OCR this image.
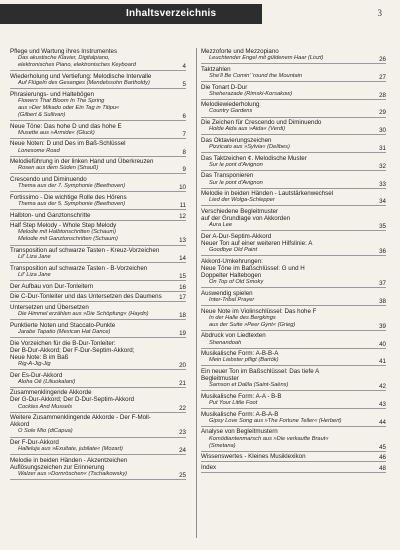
Inhaltsverzeichnis	3
Pflege und Wartung ihres Instrumentes
Das akustische Klavier, Digitalpiano,
elektronisches Piano, elektronisches Keyboard	4
Wiederholung und Vertiefung: Melodische Intervalle
Auf Flügeln des Gesanges (Mendelssohn Bartholdy)	5
Phrasierungs- und Haltebögen
Flowers That Bloom In The Spring
aus »Der Mikado oder Ein Tag in Titipu«
(Gilbert & Sullivan)	6
Neue Töne: Das hohe D und das hohe E
Musette aus »Armide« (Gluck)	7
Neue Noten: D und Des im Baß-Schlüssel
Lonesome Road	8
Melodieführung in der linken Hand und Überkreuzen
Rosen aus dem Süden (Strauß)	9
Crescendo und Diminuendo
Thema aus der 7. Symphonie (Beethoven)	10
Fortissimo - Die wichtige Rolle des Hörens
Thema aus der 5. Symphonie (Beethoven)	11
Halbton- und Ganztonschritte	12
Half Step Melody - Whole Step Melody
Melodie mit Halbtonschritten (Schaum)
Melodie mit Ganztonschritten (Schaum)	13
Transposition auf schwarze Tasten - Kreuz-Vorzeichen
Lil' Liza Jane	14
Transposition auf schwarze Tasten - B-Vorzeichen
Lil' Liza Jane	15
Der Aufbau von Dur-Tonleitern	16
Die C-Dur-Tonleiter und das Untersetzen des Daumens	17
Untersetzen und Übersetzen
Die Himmel erzählen aus »Die Schöpfung« (Haydn)	18
Punktierte Noten und Staccato-Punkte
Jarabe Tapatio (Mexican Hat Dance)	19
Die Vorzeichen für die B-Dur-Tonleiter:
Der B-Dur-Akkord; Der F-Dur-Septim-Akkord;
Neue Note: B im Baß
Rig-A-Jig-Jig	20
Der Es-Dur-Akkord
Aloha Oê (Liliuokalani)	21
Zusammenklingende Akkorde
Der G-Dur-Akkord; Der D-Dur-Septim-Akkord
Cockles And Mussels	22
Weitere Zusammenklingende Akkorde - Der F-Moll-Akkord
O Sole Mio (diCapua)	23
Der F-Dur-Akkord
Halleluja aus »Exultate, jubilate« (Mozart)	24
Melodie in beiden Händen - Akzentzeichen
Auflösungszeichen zur Erinnerung
Walzer aus »Dornröschen« (Tschaikowsky)	25
Mezzoforte und Mezzopiano
Leuchtender Engel mit güldenem Haar (Liszt)	26
Taktzahlen
She'll Be Comin' 'round the Mountain	27
Die Tonart D-Dur
Sheherazade (Rimski-Korsakow)	28
Melodiewiederholung
Country Gardens	29
Die Zeichen für Crescendo und Diminuendo
Holde Aida aus »Aida« (Verdi)	30
Das Oktavierungszeichen
Pizzicato aus »Sylvia« (Delibes)	31
Das Taktzeichen ¢. Melodische Muster
Sur le pont d'Avignon	32
Das Transponieren
Sur le pont d'Avignon	33
Melodie in beiden Händen - Lautstärkenwechsel
Lied der Wolga-Schlepper	34
Verschiedene Begleitmuster
auf der Grundlage von Akkorden
Aura Lee	35
Der A-Dur-Septim-Akkord
Neuer Ton auf einer weiteren Hilfslinie: A
Goodbye Old Paint	36
Akkord-Umkehrungen:
Neue Töne im Baßschlüssel: G und H
Doppelter Haltebogen
On Top of Old Smoky	37
Auswendig spielen
Inter-Tribal Prayer	38
Neue Note im Violinschlüssel: Das hohe F
In der Halle des Bergkings
aus der Suite »Peer Gynt« (Grieg)	39
Abdruck von Liedtexten
Shenandoah	40
Musikalische Form: A-B-B-A
Mein Liebster pfligt (Bartók)	41
Ein neuer Ton im Baßschlüssel: Das tiefe A
Begleitmuster
Samson et Dalila (Saint-Saëns)	42
Musikalische Form: A-A - B-B
Put Your Little Foot	43
Musikalische Form: A-B-A-B
Gipsy Love Song aus »The Fortune Teller« (Herbert)	44
Analyse von Begleitmustern
Komödiantenmarsch aus »Die verkaufte Braut«
(Smetana)	45
Wissenswertes - Kleines Musiklexikon	46
Index	48
